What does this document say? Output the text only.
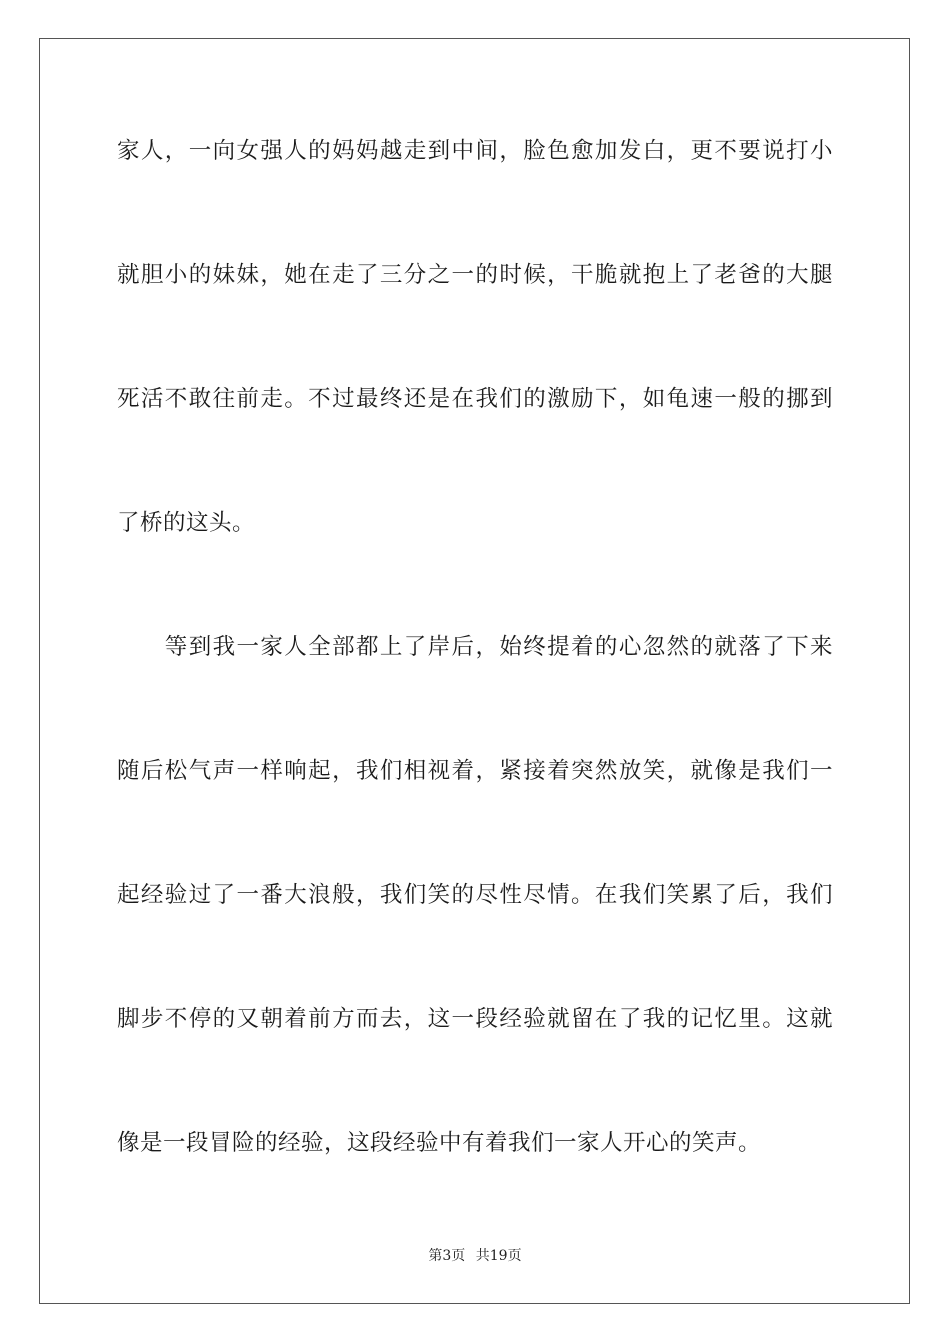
家人，一向女强人的妈妈越走到中间，脸色愈加发白，更不要说打小
就胆小的妹妹，她在走了三分之一的时候，干脆就抱上了老爸的大腿
死活不敢往前走。不过最终还是在我们的激励下，如龟速一般的挪到
了桥的这头。
　　等到我一家人全部都上了岸后，始终提着的心忽然的就落了下来
随后松气声一样响起，我们相视着，紧接着突然放笑，就像是我们一
起经验过了一番大浪般，我们笑的尽性尽情。在我们笑累了后，我们
脚步不停的又朝着前方而去，这一段经验就留在了我的记忆里。这就
像是一段冒险的经验，这段经验中有着我们一家人开心的笑声。
第3页 共19页
